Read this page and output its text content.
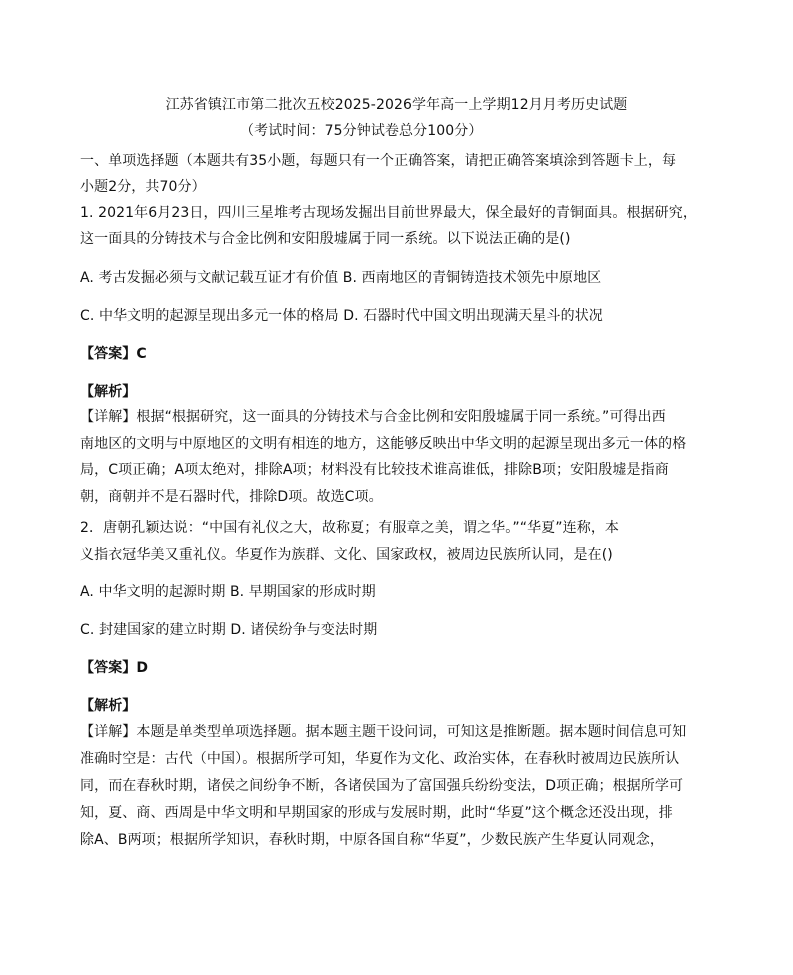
江苏省镇江市第二批次五校2025-2026学年高一上学期12月月考历史试题
（考试时间：75分钟试卷总分100分）
一、单项选择题（本题共有35小题，每题只有一个正确答案，请把正确答案填涂到答题卡上，每
小题2分，共70分）
1. 2021年6月23日，四川三星堆考古现场发掘出目前世界最大，保全最好的青铜面具。根据研究，
这一面具的分铸技术与合金比例和安阳殷墟属于同一系统。以下说法正确的是()
A. 考古发掘必须与文献记载互证才有价值 B. 西南地区的青铜铸造技术领先中原地区
C. 中华文明的起源呈现出多元一体的格局 D. 石器时代中国文明出现满天星斗的状况
【答案】C
【解析】
【详解】根据“根据研究，这一面具的分铸技术与合金比例和安阳殷墟属于同一系统。”可得出西
南地区的文明与中原地区的文明有相连的地方，这能够反映出中华文明的起源呈现出多元一体的格
局，C项正确；A项太绝对，排除A项；材料没有比较技术谁高谁低，排除B项；安阳殷墟是指商
朝，商朝并不是石器时代，排除D项。故选C项。
2．唐朝孔颖达说：“中国有礼仪之大，故称夏；有服章之美，谓之华。”“华夏”连称，本
义指衣冠华美又重礼仪。华夏作为族群、文化、国家政权，被周边民族所认同，是在()
A. 中华文明的起源时期 B. 早期国家的形成时期
C. 封建国家的建立时期 D. 诸侯纷争与变法时期
【答案】D
【解析】
【详解】本题是单类型单项选择题。据本题主题干设问词，可知这是推断题。据本题时间信息可知
准确时空是：古代（中国）。根据所学可知，华夏作为文化、政治实体，在春秋时被周边民族所认
同，而在春秋时期，诸侯之间纷争不断，各诸侯国为了富国强兵纷纷变法，D项正确；根据所学可
知，夏、商、西周是中华文明和早期国家的形成与发展时期，此时“华夏”这个概念还没出现，排
除A、B两项；根据所学知识，春秋时期，中原各国自称“华夏”，少数民族产生华夏认同观念，
